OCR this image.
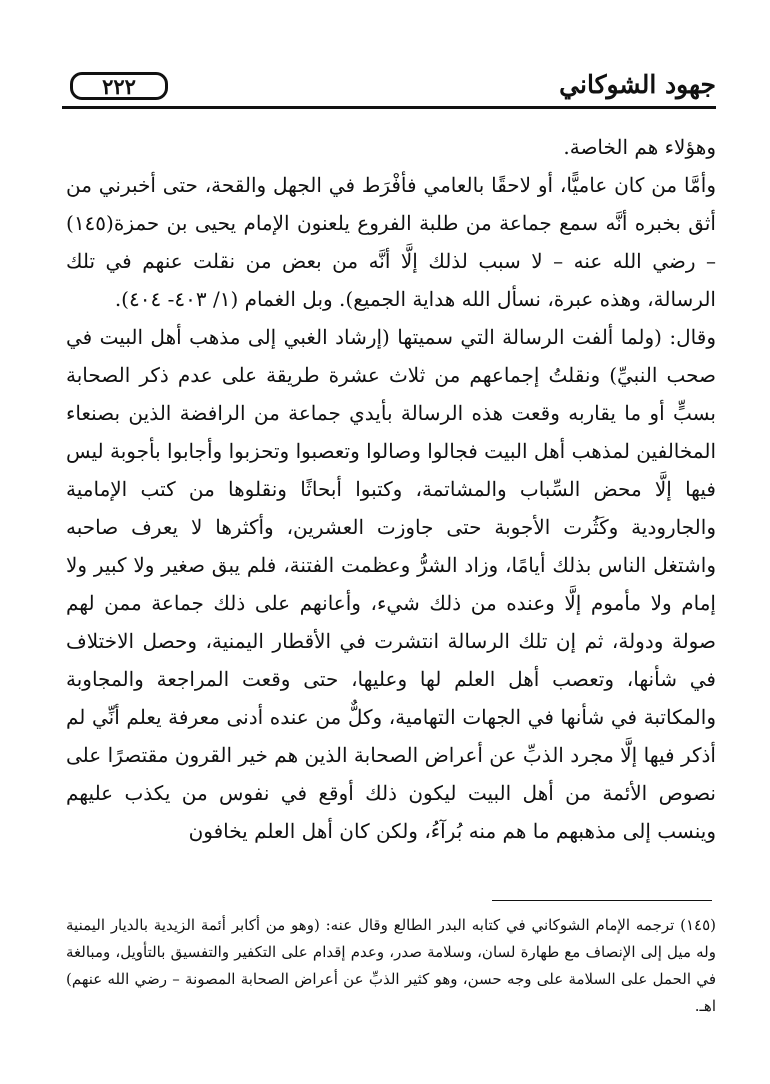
جهود الشوكاني
٢٢٢

وهؤلاء هم الخاصة.

وأمَّا من كان عاميًّا، أو لاحقًا بالعامي فأفْرَط في الجهل والقحة، حتى أخبرني من أثق بخبره أنَّه سمع جماعة من طلبة الفروع يلعنون الإمام يحيى بن حمزة(١٤٥) – رضي الله عنه – لا سبب لذلك إلَّا أنَّه من بعض من نقلت عنهم في تلك الرسالة، وهذه عبرة، نسأل الله هداية الجميع). وبل الغمام (١/ ٤٠٣- ٤٠٤).

وقال: (ولما ألفت الرسالة التي سميتها (إرشاد الغبي إلى مذهب أهل البيت في صحب النبيِّ) ونقلتُ إجماعهم من ثلاث عشرة طريقة على عدم ذكر الصحابة بسبٍّ أو ما يقاربه وقعت هذه الرسالة بأيدي جماعة من الرافضة الذين بصنعاء المخالفين لمذهب أهل البيت فجالوا وصالوا وتعصبوا وتحزبوا وأجابوا بأجوبة ليس فيها إلَّا محض السِّباب والمشاتمة، وكتبوا أبحاثًا ونقلوها من كتب الإمامية والجارودية وكَثُرت الأجوبة حتى جاوزت العشرين، وأكثرها لا يعرف صاحبه واشتغل الناس بذلك أيامًا، وزاد الشرُّ وعظمت الفتنة، فلم يبق صغير ولا كبير ولا إمام ولا مأموم إلَّا وعنده من ذلك شيء، وأعانهم على ذلك جماعة ممن لهم صولة ودولة، ثم إن تلك الرسالة انتشرت في الأقطار اليمنية، وحصل الاختلاف في شأنها، وتعصب أهل العلم لها وعليها، حتى وقعت المراجعة والمجاوبة والمكاتبة في شأنها في الجهات التهامية، وكلٌّ من عنده أدنى معرفة يعلم أنِّي لم أذكر فيها إلَّا مجرد الذبِّ عن أعراض الصحابة الذين هم خير القرون مقتصرًا على نصوص الأئمة من أهل البيت ليكون ذلك أوقع في نفوس من يكذب عليهم وينسب إلى مذهبهم ما هم منه بُرآءُ، ولكن كان أهل العلم يخافون

(١٤٥) ترجمه الإمام الشوكاني في كتابه البدر الطالع وقال عنه: (وهو من أكابر أئمة الزيدية بالديار اليمنية وله ميل إلى الإنصاف مع طهارة لسان، وسلامة صدر، وعدم إقدام على التكفير والتفسيق بالتأويل، ومبالغة في الحمل على السلامة على وجه حسن، وهو كثير الذبِّ عن أعراض الصحابة المصونة – رضي الله عنهم) اهـ.
